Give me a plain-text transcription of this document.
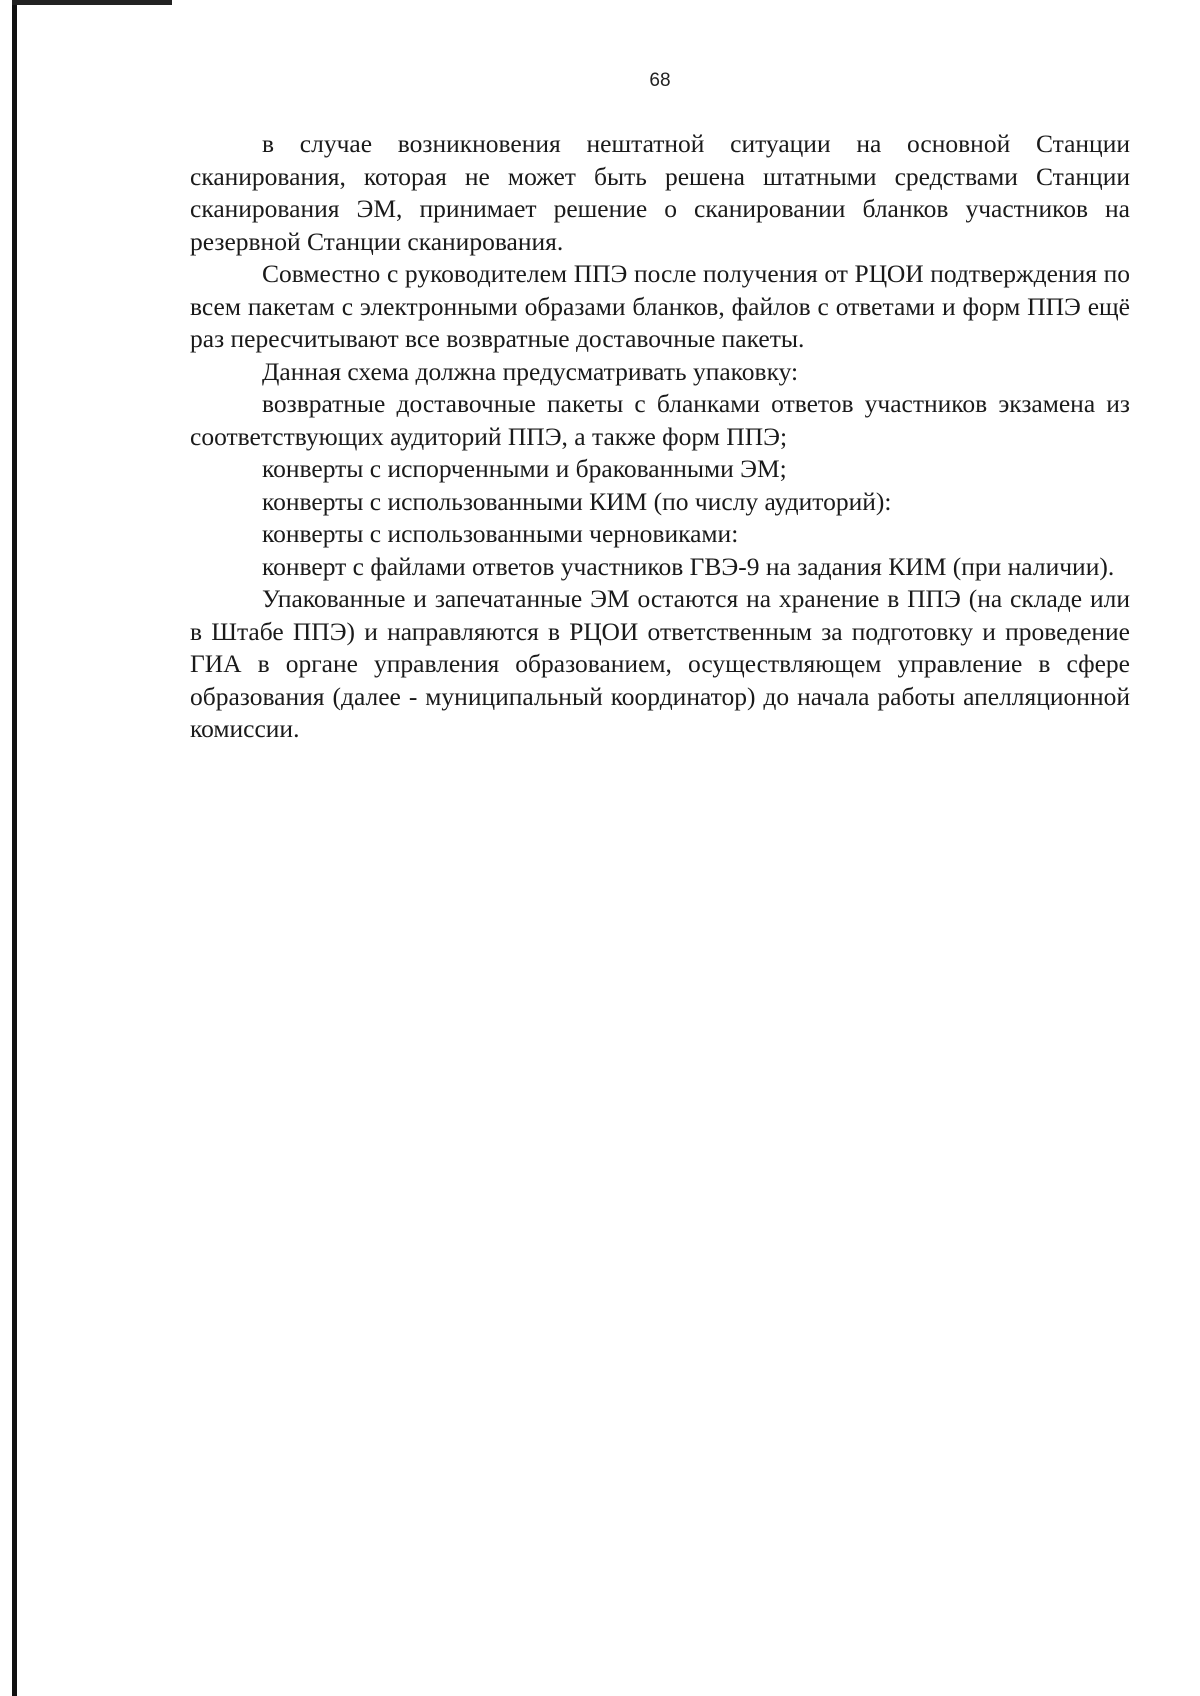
68

в случае возникновения нештатной ситуации на основной Станции сканирования, которая не может быть решена штатными средствами Станции сканирования ЭМ, принимает решение о сканировании бланков участников на резервной Станции сканирования.

Совместно с руководителем ППЭ после получения от РЦОИ подтверждения по всем пакетам с электронными образами бланков, файлов с ответами и форм ППЭ ещё раз пересчитывают все возвратные доставочные пакеты.

Данная схема должна предусматривать упаковку:

возвратные доставочные пакеты с бланками ответов участников экзамена из соответствующих аудиторий ППЭ, а также форм ППЭ;

конверты с испорченными и бракованными ЭМ;

конверты с использованными КИМ (по числу аудиторий):

конверты с использованными черновиками:

конверт с файлами ответов участников ГВЭ-9 на задания КИМ (при наличии).

Упакованные и запечатанные ЭМ остаются на хранение в ППЭ (на складе или в Штабе ППЭ) и направляются в РЦОИ ответственным за подготовку и проведение ГИА в органе управления образованием, осуществляющем управление в сфере образования (далее - муниципальный координатор) до начала работы апелляционной комиссии.
